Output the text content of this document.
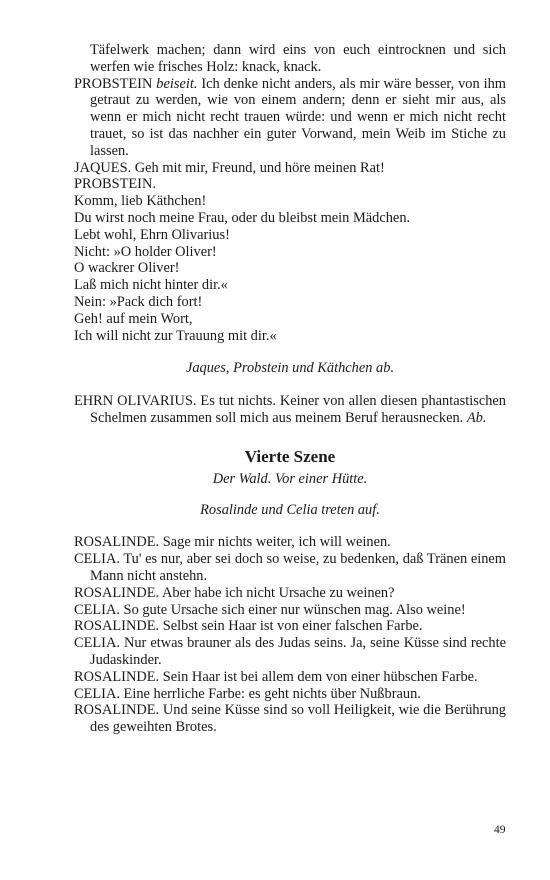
Täfelwerk machen; dann wird eins von euch eintrocknen und sich werfen wie frisches Holz: knack, knack.

PROBSTEIN beiseit. Ich denke nicht anders, als mir wäre besser, von ihm getraut zu werden, wie von einem andern; denn er sieht mir aus, als wenn er mich nicht recht trauen würde: und wenn er mich nicht recht trauet, so ist das nachher ein guter Vorwand, mein Weib im Stiche zu lassen.

JAQUES. Geh mit mir, Freund, und höre meinen Rat!

PROBSTEIN.

Komm, lieb Käthchen!

Du wirst noch meine Frau, oder du bleibst mein Mädchen.

Lebt wohl, Ehrn Olivarius!

Nicht: »O holder Oliver!

O wackrer Oliver!

Laß mich nicht hinter dir.«

Nein: »Pack dich fort!

Geh! auf mein Wort,

Ich will nicht zur Trauung mit dir.«

Jaques, Probstein und Käthchen ab.

EHRN OLIVARIUS. Es tut nichts. Keiner von allen diesen phantastischen Schelmen zusammen soll mich aus meinem Beruf herausnecken. Ab.

Vierte Szene

Der Wald. Vor einer Hütte.

Rosalinde und Celia treten auf.

ROSALINDE. Sage mir nichts weiter, ich will weinen.

CELIA. Tu' es nur, aber sei doch so weise, zu bedenken, daß Tränen einem Mann nicht anstehn.

ROSALINDE. Aber habe ich nicht Ursache zu weinen?

CELIA. So gute Ursache sich einer nur wünschen mag. Also weine!

ROSALINDE. Selbst sein Haar ist von einer falschen Farbe.

CELIA. Nur etwas brauner als des Judas seins. Ja, seine Küsse sind rechte Judaskinder.

ROSALINDE. Sein Haar ist bei allem dem von einer hübschen Farbe.

CELIA. Eine herrliche Farbe: es geht nichts über Nußbraun.

ROSALINDE. Und seine Küsse sind so voll Heiligkeit, wie die Berührung des geweihten Brotes.

49
